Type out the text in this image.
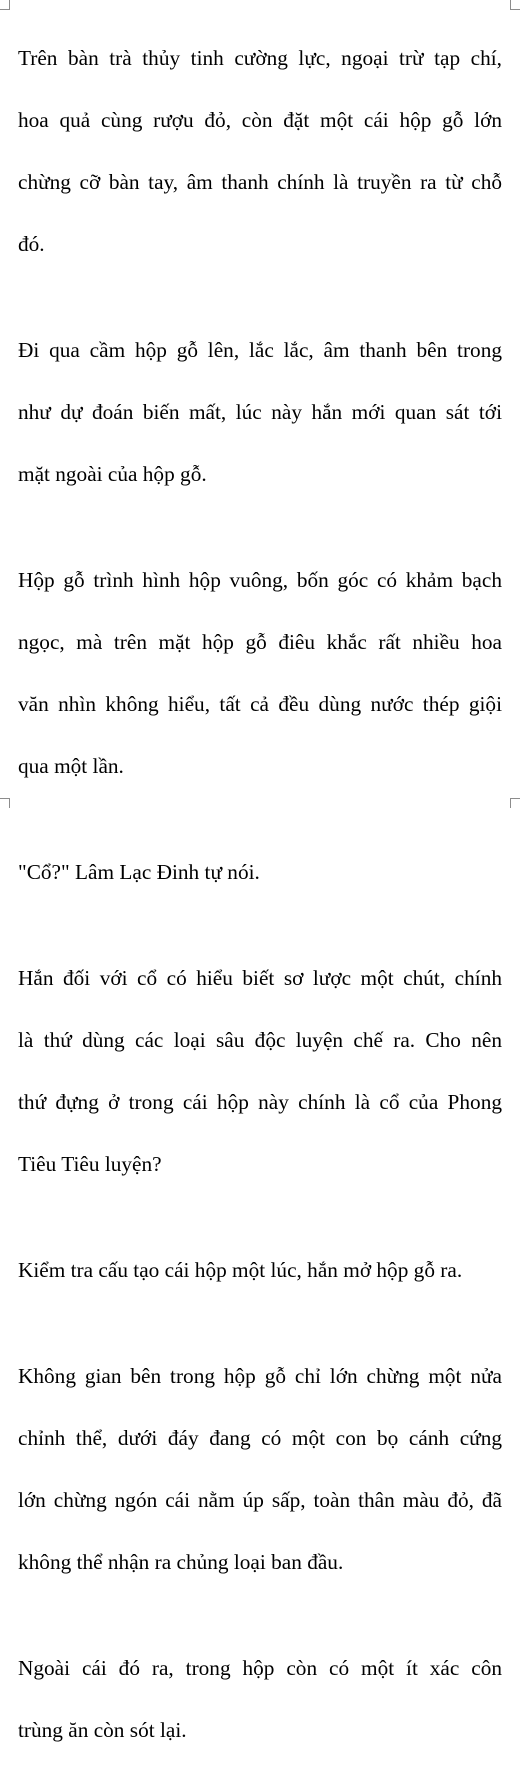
Trên bàn trà thủy tinh cường lực, ngoại trừ tạp chí,

hoa quả cùng rượu đỏ, còn đặt một cái hộp gỗ lớn

chừng cỡ bàn tay, âm thanh chính là truyền ra từ chỗ

đó.

Đi qua cầm hộp gỗ lên, lắc lắc, âm thanh bên trong

như dự đoán biến mất, lúc này hắn mới quan sát tới

mặt ngoài của hộp gỗ.

Hộp gỗ trình hình hộp vuông, bốn góc có khảm bạch

ngọc, mà trên mặt hộp gỗ điêu khắc rất nhiều hoa

văn nhìn không hiểu, tất cả đều dùng nước thép giội

qua một lần.

"Cổ?" Lâm Lạc Đinh tự nói.

Hắn đối với cổ có hiểu biết sơ lược một chút, chính

là thứ dùng các loại sâu độc luyện chế ra. Cho nên

thứ đựng ở trong cái hộp này chính là cổ của Phong

Tiêu Tiêu luyện?

Kiểm tra cấu tạo cái hộp một lúc, hắn mở hộp gỗ ra.

Không gian bên trong hộp gỗ chỉ lớn chừng một nửa

chỉnh thể, dưới đáy đang có một con bọ cánh cứng

lớn chừng ngón cái nằm úp sấp, toàn thân màu đỏ, đã

không thể nhận ra chủng loại ban đầu.

Ngoài cái đó ra, trong hộp còn có một ít xác côn

trùng ăn còn sót lại.
